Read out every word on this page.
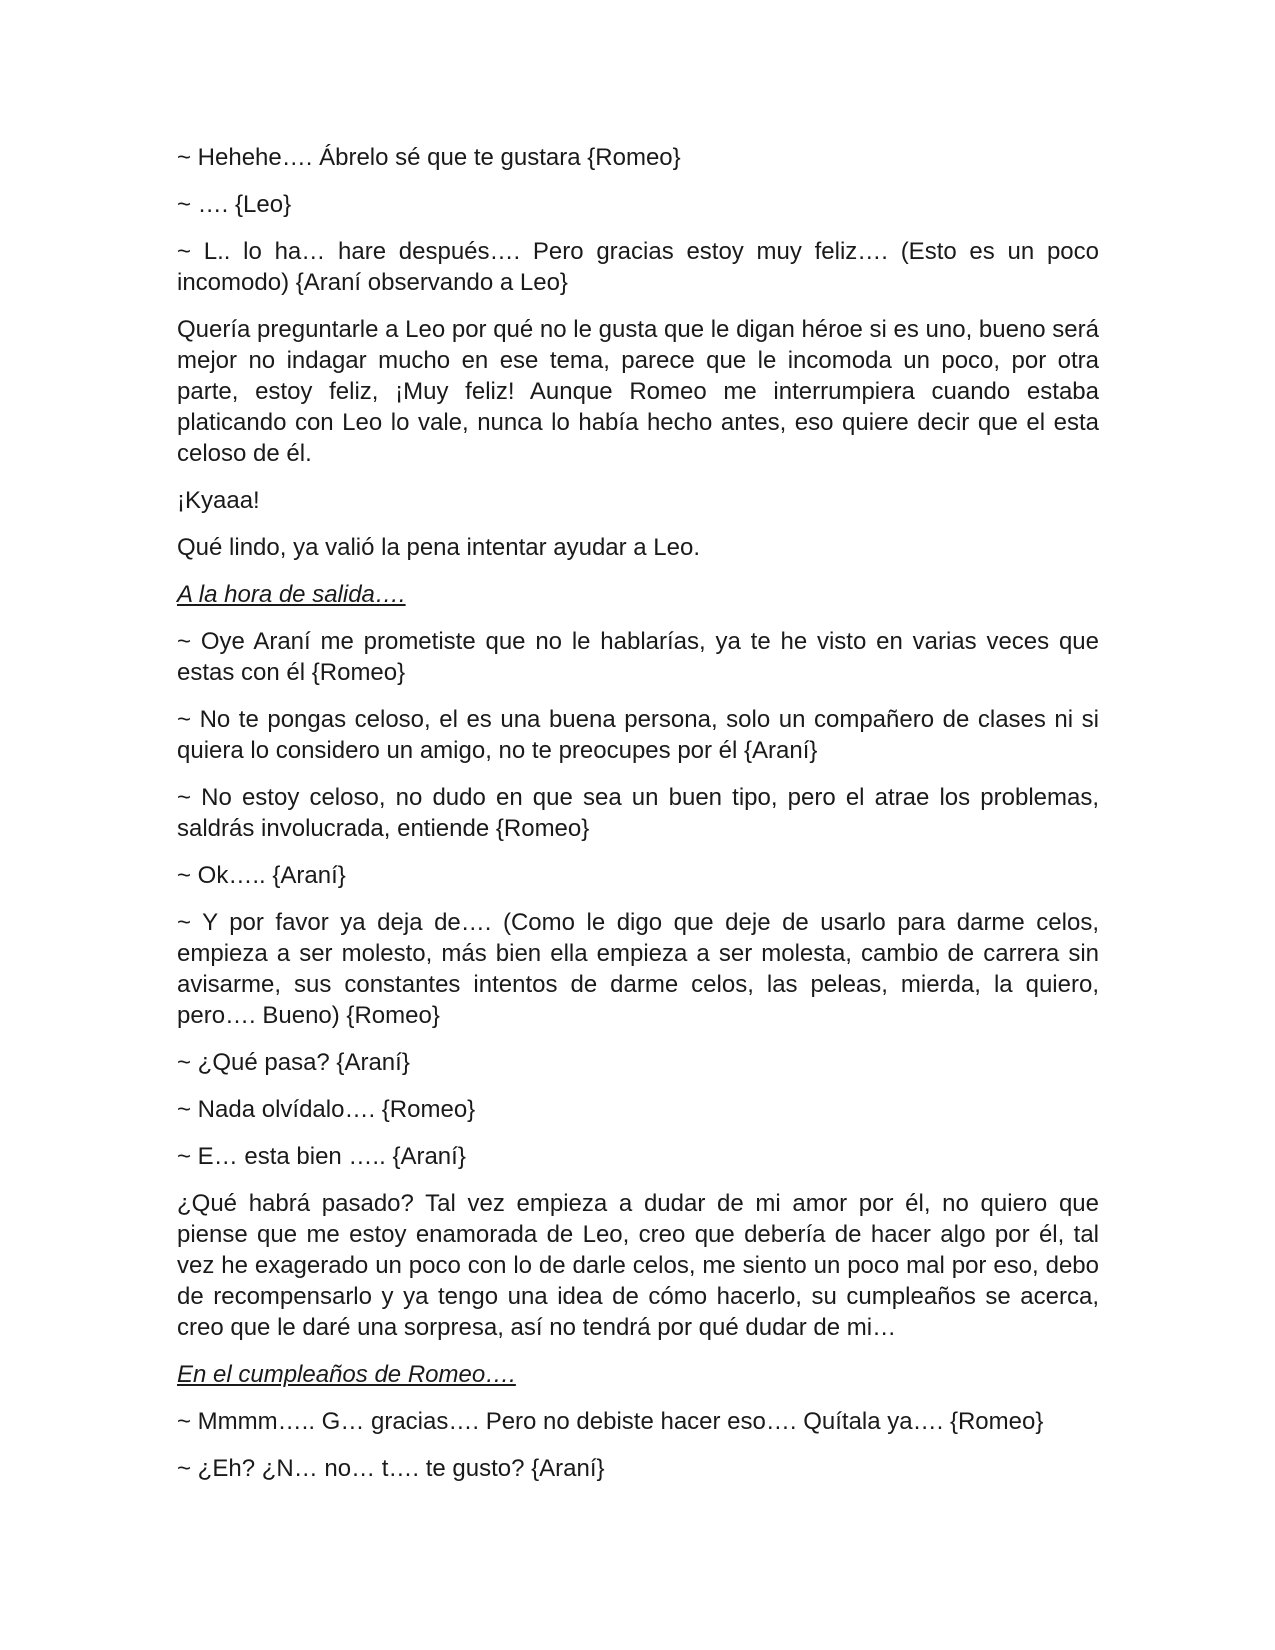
~ Hehehe…. Ábrelo sé que te gustara {Romeo}

~ …. {Leo}

~ L.. lo ha… hare después…. Pero gracias estoy muy feliz…. (Esto es un poco incomodo) {Araní observando a Leo}

Quería preguntarle a Leo por qué no le gusta que le digan héroe si es uno, bueno será mejor no indagar mucho en ese tema, parece que le incomoda un poco, por otra parte, estoy feliz, ¡Muy feliz! Aunque Romeo me interrumpiera cuando estaba platicando con Leo lo vale, nunca lo había hecho antes, eso quiere decir que el esta celoso de él.

¡Kyaaa!

Qué lindo, ya valió la pena intentar ayudar a Leo.

A la hora de salida….

~ Oye Araní me prometiste que no le hablarías, ya te he visto en varias veces que estas con él {Romeo}

~ No te pongas celoso, el es una buena persona, solo un compañero de clases ni si quiera lo considero un amigo, no te preocupes por él {Araní}

~ No estoy celoso, no dudo en que sea un buen tipo, pero el atrae los problemas, saldrás involucrada, entiende {Romeo}

~ Ok….. {Araní}

~ Y por favor ya deja de…. (Como le digo que deje de usarlo para darme celos, empieza a ser molesto, más bien ella empieza a ser molesta, cambio de carrera sin avisarme, sus constantes intentos de darme celos, las peleas, mierda, la quiero, pero…. Bueno) {Romeo}

~ ¿Qué pasa? {Araní}

~ Nada olvídalo…. {Romeo}

~ E… esta bien ….. {Araní}

¿Qué habrá pasado? Tal vez empieza a dudar de mi amor por él, no quiero que piense que me estoy enamorada de Leo, creo que debería de hacer algo por él, tal vez he exagerado un poco con lo de darle celos, me siento un poco mal por eso, debo de recompensarlo y ya tengo una idea de cómo hacerlo, su cumpleaños se acerca, creo que le daré una sorpresa, así no tendrá por qué dudar de mi…

En el cumpleaños de Romeo….

~ Mmmm….. G… gracias…. Pero no debiste hacer eso…. Quítala ya…. {Romeo}

~ ¿Eh? ¿N… no… t…. te gusto? {Araní}
